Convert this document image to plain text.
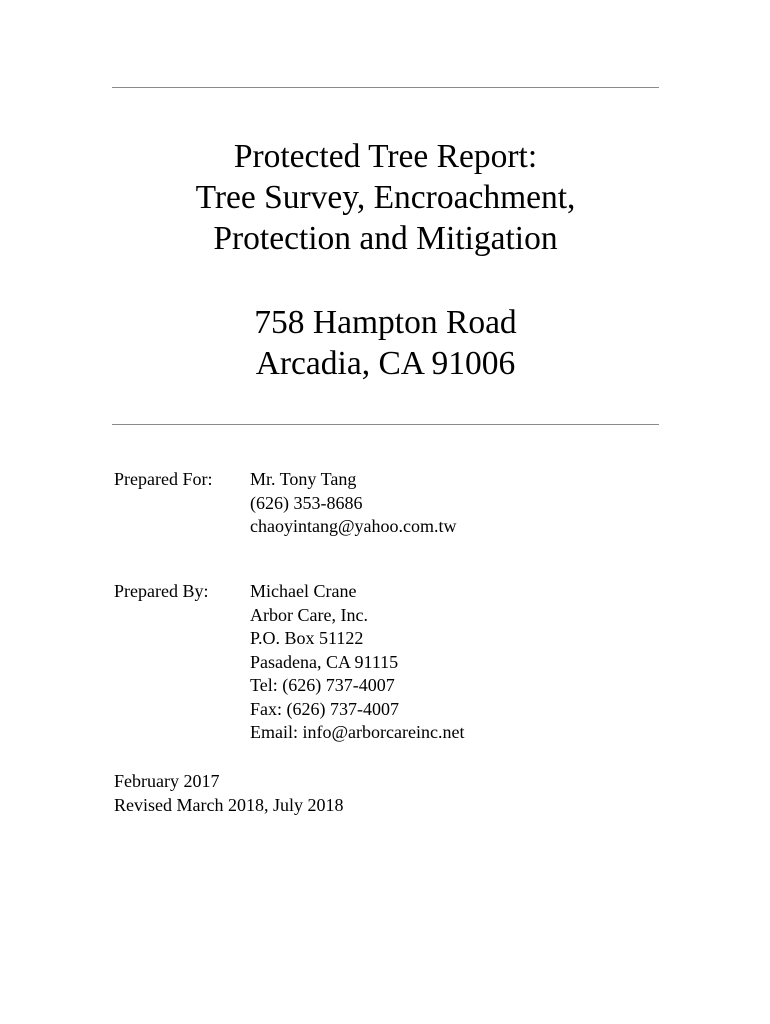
Protected Tree Report:
Tree Survey, Encroachment,
Protection and Mitigation
758 Hampton Road
Arcadia, CA 91006
Prepared For: Mr. Tony Tang
(626) 353-8686
chaoyintang@yahoo.com.tw
Prepared By: Michael Crane
Arbor Care, Inc.
P.O. Box 51122
Pasadena, CA 91115
Tel: (626) 737-4007
Fax: (626) 737-4007
Email: info@arborcareinc.net
February 2017
Revised March 2018, July 2018
